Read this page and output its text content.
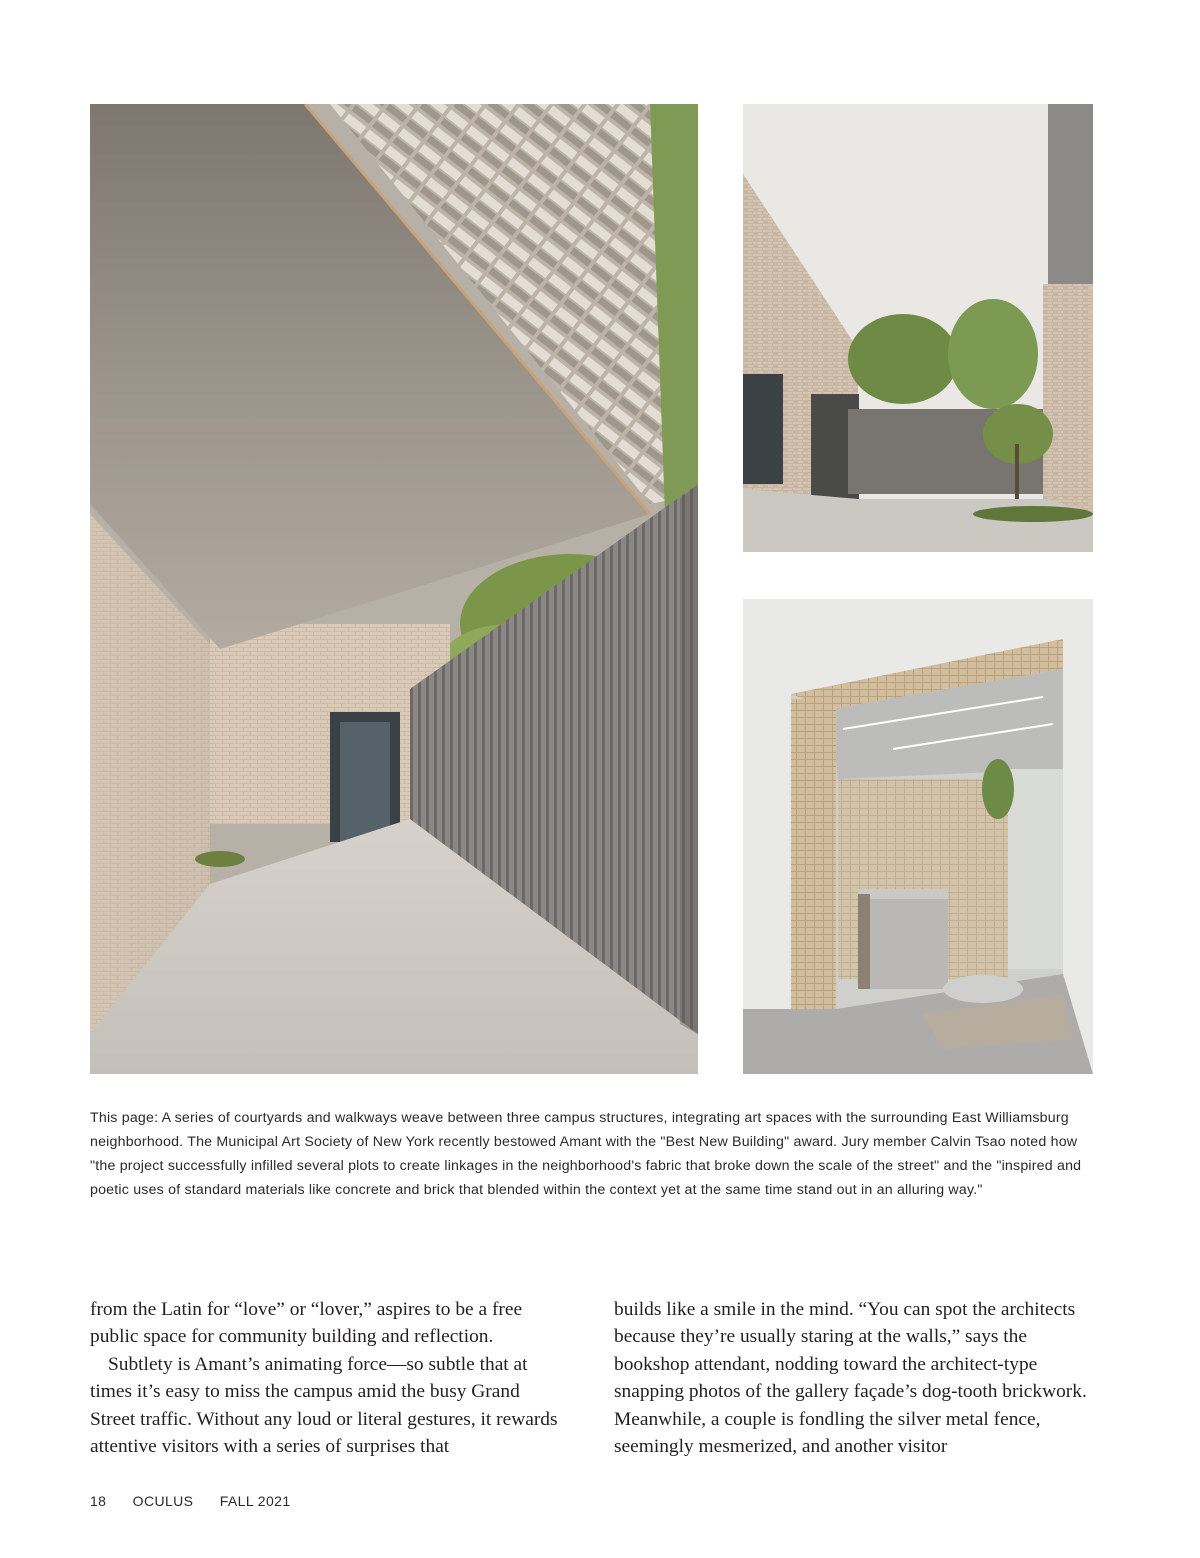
This page: A series of courtyards and walkways weave between three campus structures, integrating art spaces with the surrounding East Williamsburg neighborhood. The Municipal Art Society of New York recently bestowed Amant with the "Best New Building" award. Jury member Calvin Tsao noted how "the project successfully infilled several plots to create linkages in the neighborhood's fabric that broke down the scale of the street" and the "inspired and poetic uses of standard materials like concrete and brick that blended within the context yet at the same time stand out in an alluring way."

from the Latin for “love” or “lover,” aspires to be a free public space for community building and reflection.

Subtlety is Amant’s animating force—so subtle that at times it’s easy to miss the campus amid the busy Grand Street traffic. Without any loud or literal gestures, it rewards attentive visitors with a series of surprises that

builds like a smile in the mind. “You can spot the architects because they’re usually staring at the walls,” says the bookshop attendant, nodding toward the architect-type snapping photos of the gallery façade’s dog-tooth brickwork. Meanwhile, a couple is fondling the silver metal fence, seemingly mesmerized, and another visitor

18 OCULUS FALL 2021
